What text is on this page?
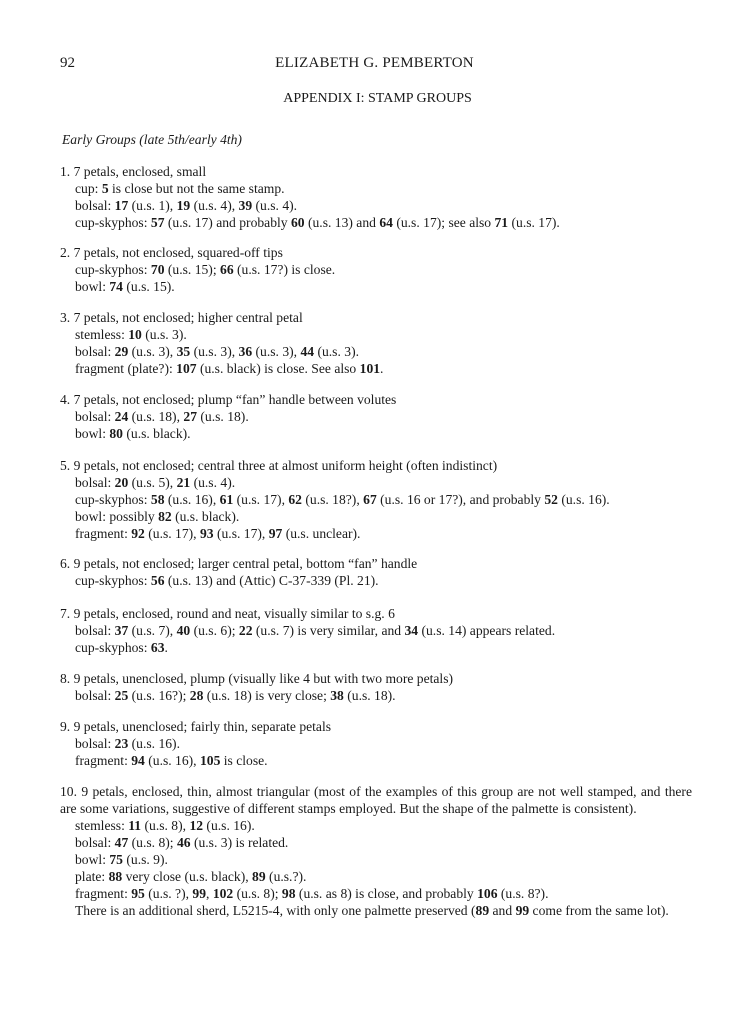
92	ELIZABETH G. PEMBERTON
APPENDIX I: STAMP GROUPS
Early Groups (late 5th/early 4th)
1. 7 petals, enclosed, small
cup: 5 is close but not the same stamp.
bolsal: 17 (u.s. 1), 19 (u.s. 4), 39 (u.s. 4).
cup-skyphos: 57 (u.s. 17) and probably 60 (u.s. 13) and 64 (u.s. 17); see also 71 (u.s. 17).
2. 7 petals, not enclosed, squared-off tips
cup-skyphos: 70 (u.s. 15); 66 (u.s. 17?) is close.
bowl: 74 (u.s. 15).
3. 7 petals, not enclosed; higher central petal
stemless: 10 (u.s. 3).
bolsal: 29 (u.s. 3), 35 (u.s. 3), 36 (u.s. 3), 44 (u.s. 3).
fragment (plate?): 107 (u.s. black) is close. See also 101.
4. 7 petals, not enclosed; plump “fan” handle between volutes
bolsal: 24 (u.s. 18), 27 (u.s. 18).
bowl: 80 (u.s. black).
5. 9 petals, not enclosed; central three at almost uniform height (often indistinct)
bolsal: 20 (u.s. 5), 21 (u.s. 4).
cup-skyphos: 58 (u.s. 16), 61 (u.s. 17), 62 (u.s. 18?), 67 (u.s. 16 or 17?), and probably 52 (u.s. 16).
bowl: possibly 82 (u.s. black).
fragment: 92 (u.s. 17), 93 (u.s. 17), 97 (u.s. unclear).
6. 9 petals, not enclosed; larger central petal, bottom “fan” handle
cup-skyphos: 56 (u.s. 13) and (Attic) C-37-339 (Pl. 21).
7. 9 petals, enclosed, round and neat, visually similar to s.g. 6
bolsal: 37 (u.s. 7), 40 (u.s. 6); 22 (u.s. 7) is very similar, and 34 (u.s. 14) appears related.
cup-skyphos: 63.
8. 9 petals, unenclosed, plump (visually like 4 but with two more petals)
bolsal: 25 (u.s. 16?); 28 (u.s. 18) is very close; 38 (u.s. 18).
9. 9 petals, unenclosed; fairly thin, separate petals
bolsal: 23 (u.s. 16).
fragment: 94 (u.s. 16), 105 is close.
10. 9 petals, enclosed, thin, almost triangular (most of the examples of this group are not well stamped, and there are some variations, suggestive of different stamps employed. But the shape of the palmette is consistent).
stemless: 11 (u.s. 8), 12 (u.s. 16).
bolsal: 47 (u.s. 8); 46 (u.s. 3) is related.
bowl: 75 (u.s. 9).
plate: 88 very close (u.s. black), 89 (u.s.?).
fragment: 95 (u.s. ?), 99, 102 (u.s. 8); 98 (u.s. as 8) is close, and probably 106 (u.s. 8?).
There is an additional sherd, L5215-4, with only one palmette preserved (89 and 99 come from the same lot).
